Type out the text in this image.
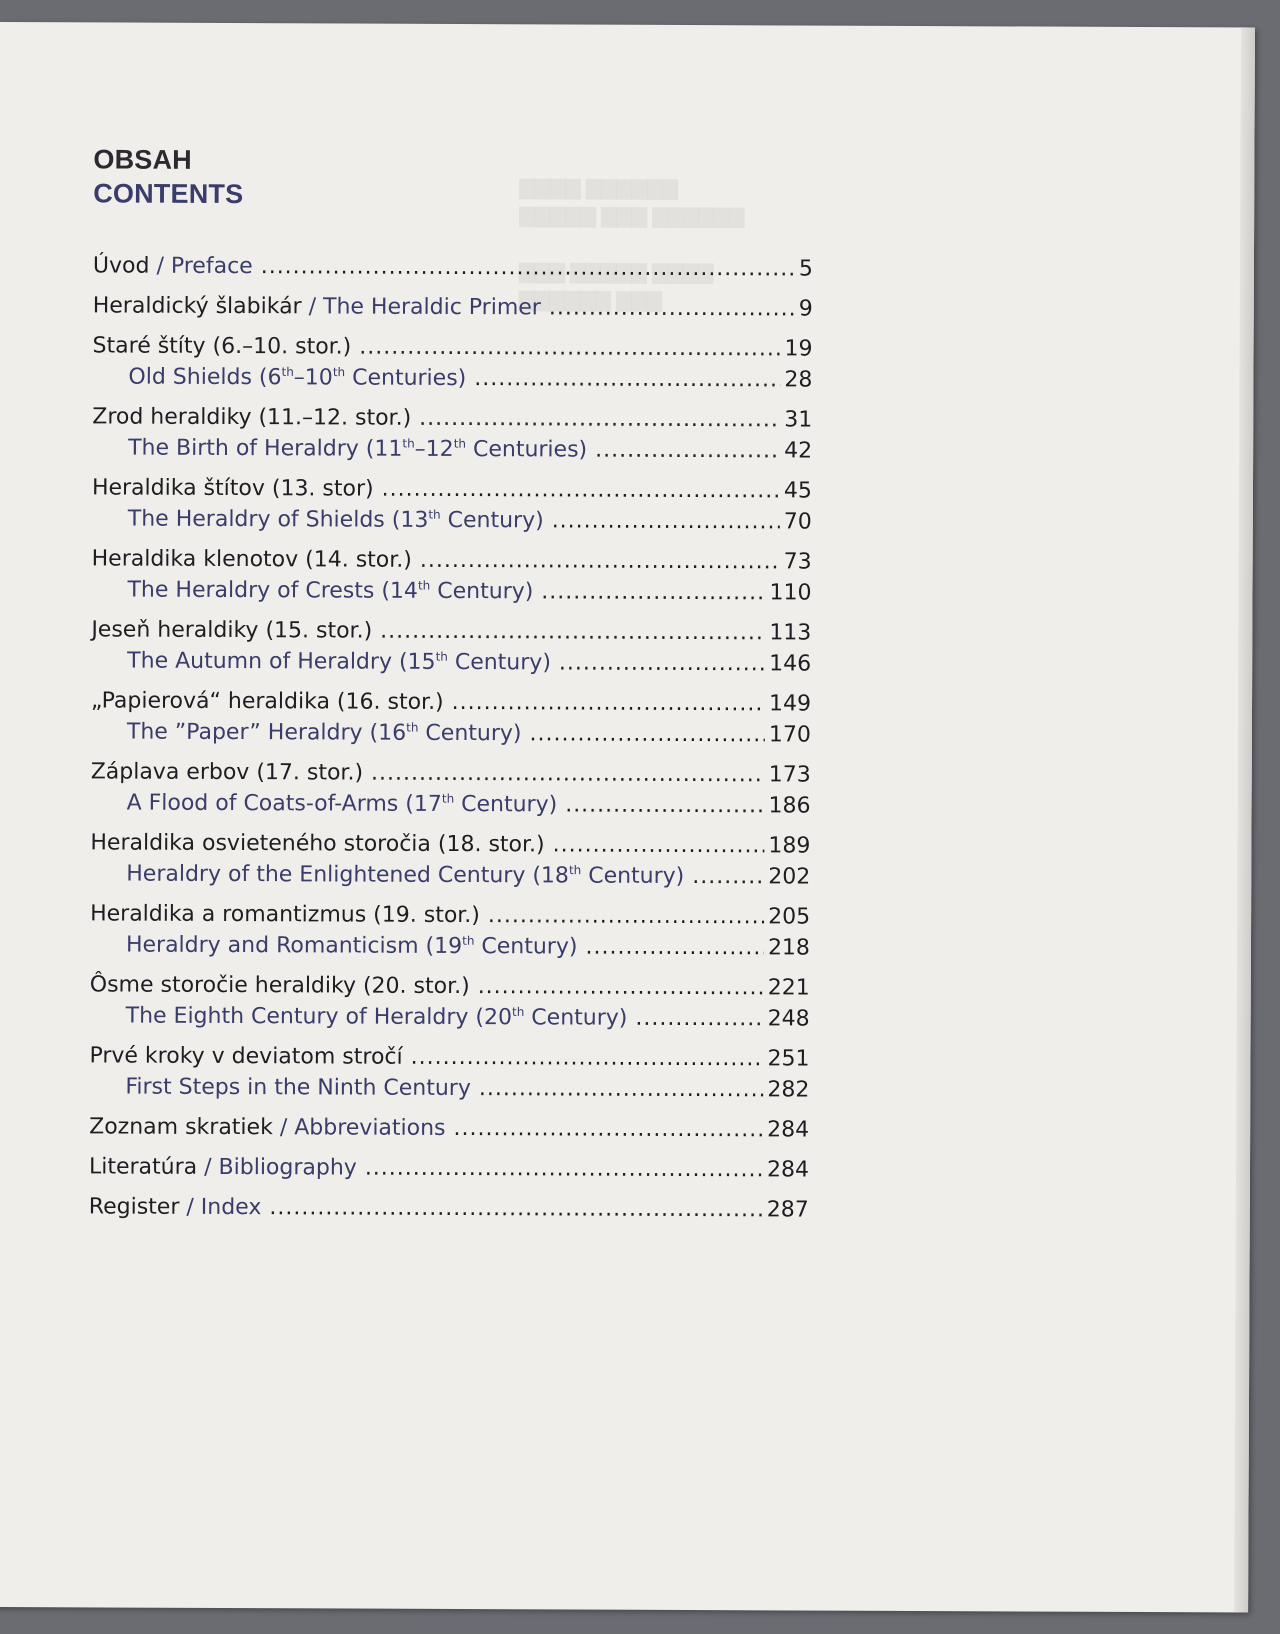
▇▇▇▇ ▇▇▇▇▇▇
▇▇▇▇▇ ▇▇▇ ▇▇▇▇▇▇

▇▇▇ ▇▇▇▇▇ ▇▇▇▇
▇▇▇▇▇▇ ▇▇▇
OBSAH
CONTENTS
Úvod / Preface .....	5
Heraldický šlabikár / The Heraldic Primer .....	9
Staré štíty (6.–10. stor.) .....	19
Old Shields (6th–10th Centuries) .....	28
Zrod heraldiky (11.–12. stor.) .....	31
The Birth of Heraldry (11th–12th Centuries) .....	42
Heraldika štítov (13. stor) .....	45
The Heraldry of Shields (13th Century) .....	70
Heraldika klenotov (14. stor.) .....	73
The Heraldry of Crests (14th Century) .....	110
Jeseň heraldiky (15. stor.) .....	113
The Autumn of Heraldry (15th Century) .....	146
„Papierová“ heraldika (16. stor.) .....	149
The ”Paper” Heraldry (16th Century) .....	170
Záplava erbov (17. stor.) .....	173
A Flood of Coats-of-Arms (17th Century) .....	186
Heraldika osvieteného storočia (18. stor.) .....	189
Heraldry of the Enlightened Century (18th Century) .....	202
Heraldika a romantizmus (19. stor.) .....	205
Heraldry and Romanticism (19th Century) .....	218
Ôsme storočie heraldiky (20. stor.) .....	221
The Eighth Century of Heraldry (20th Century) .....	248
Prvé kroky v deviatom stročí .....	251
First Steps in the Ninth Century .....	282
Zoznam skratiek / Abbreviations .....	284
Literatúra / Bibliography .....	284
Register / Index .....	287
